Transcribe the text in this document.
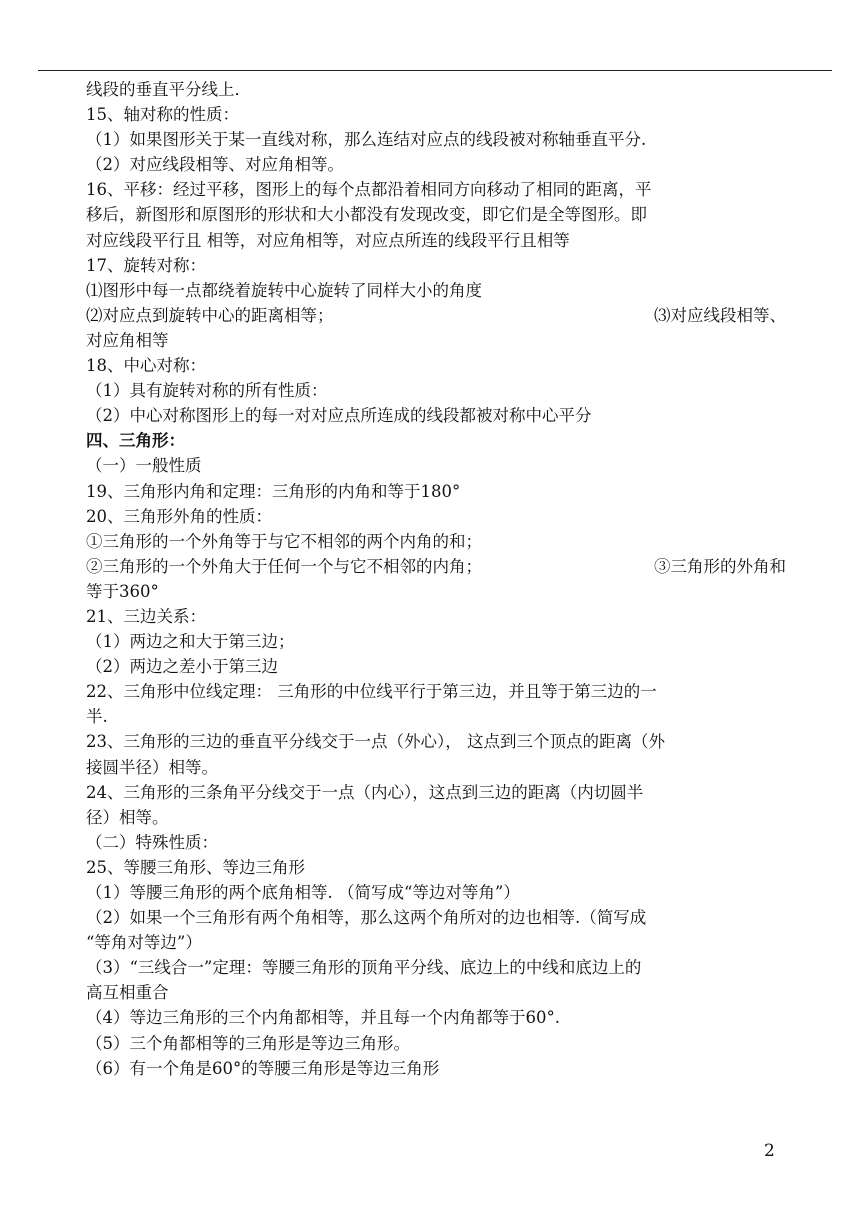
线段的垂直平分线上．
15、轴对称的性质：
（1）如果图形关于某一直线对称，那么连结对应点的线段被对称轴垂直平分.
（2）对应线段相等、对应角相等。
16、平移：经过平移，图形上的每个点都沿着相同方向移动了相同的距离，平
移后，新图形和原图形的形状和大小都没有发现改变，即它们是全等图形。即
对应线段平行且 相等，对应角相等，对应点所连的线段平行且相等
17、旋转对称：
⑴图形中每一点都绕着旋转中心旋转了同样大小的角度
⑵对应点到旋转中心的距离相等；	⑶对应线段相等、
对应角相等
18、中心对称：
（1）具有旋转对称的所有性质：
（2）中心对称图形上的每一对对应点所连成的线段都被对称中心平分
四、三角形：
（一）一般性质
19、三角形内角和定理：三角形的内角和等于180°
20、三角形外角的性质：
①三角形的一个外角等于与它不相邻的两个内角的和；
②三角形的一个外角大于任何一个与它不相邻的内角；	③三角形的外角和
等于360°
21、三边关系：
（1）两边之和大于第三边；
（2）两边之差小于第三边
22、三角形中位线定理： 三角形的中位线平行于第三边，并且等于第三边的一
半.
23、三角形的三边的垂直平分线交于一点（外心）， 这点到三个顶点的距离（外
接圆半径）相等。
24、三角形的三条角平分线交于一点（内心），这点到三边的距离（内切圆半
径）相等。
（二）特殊性质：
25、等腰三角形、等边三角形
（1）等腰三角形的两个底角相等. （简写成“等边对等角”）
（2）如果一个三角形有两个角相等，那么这两个角所对的边也相等.（简写成
“等角对等边”）
（3）“三线合一”定理：等腰三角形的顶角平分线、底边上的中线和底边上的
高互相重合
（4）等边三角形的三个内角都相等，并且每一个内角都等于60°.
（5）三个角都相等的三角形是等边三角形。
（6）有一个角是60°的等腰三角形是等边三角形
2
